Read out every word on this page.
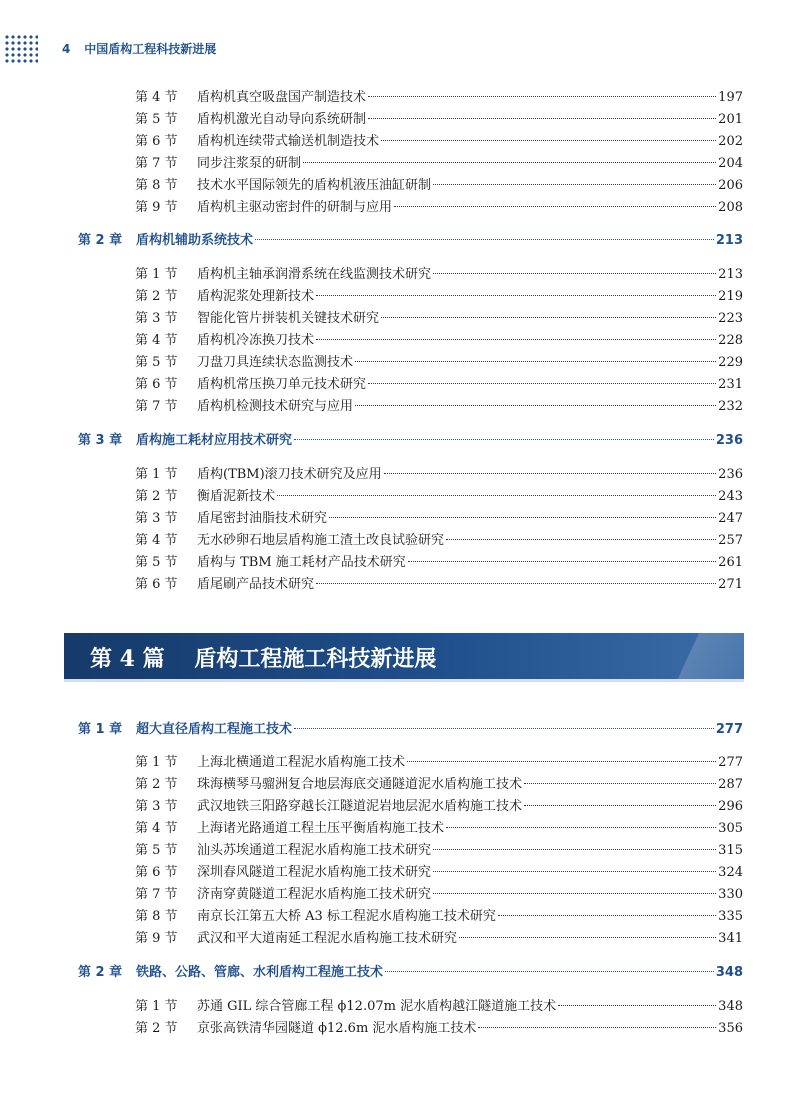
4 中国盾构工程科技新进展
第 4 节	盾构机真空吸盘国产制造技术	197
第 5 节	盾构机激光自动导向系统研制	201
第 6 节	盾构机连续带式输送机制造技术	202
第 7 节	同步注浆泵的研制	204
第 8 节	技术水平国际领先的盾构机液压油缸研制	206
第 9 节	盾构机主驱动密封件的研制与应用	208
第 2 章	盾构机辅助系统技术	213
第 1 节	盾构机主轴承润滑系统在线监测技术研究	213
第 2 节	盾构泥浆处理新技术	219
第 3 节	智能化管片拼装机关键技术研究	223
第 4 节	盾构机冷冻换刀技术	228
第 5 节	刀盘刀具连续状态监测技术	229
第 6 节	盾构机常压换刀单元技术研究	231
第 7 节	盾构机检测技术研究与应用	232
第 3 章	盾构施工耗材应用技术研究	236
第 1 节	盾构(TBM)滚刀技术研究及应用	236
第 2 节	衡盾泥新技术	243
第 3 节	盾尾密封油脂技术研究	247
第 4 节	无水砂卵石地层盾构施工渣土改良试验研究	257
第 5 节	盾构与 TBM 施工耗材产品技术研究	261
第 6 节	盾尾刷产品技术研究	271
第 4 篇 盾构工程施工科技新进展
第 1 章	超大直径盾构工程施工技术	277
第 1 节	上海北横通道工程泥水盾构施工技术	277
第 2 节	珠海横琴马骝洲复合地层海底交通隧道泥水盾构施工技术	287
第 3 节	武汉地铁三阳路穿越长江隧道泥岩地层泥水盾构施工技术	296
第 4 节	上海诸光路通道工程土压平衡盾构施工技术	305
第 5 节	汕头苏埃通道工程泥水盾构施工技术研究	315
第 6 节	深圳春风隧道工程泥水盾构施工技术研究	324
第 7 节	济南穿黄隧道工程泥水盾构施工技术研究	330
第 8 节	南京长江第五大桥 A3 标工程泥水盾构施工技术研究	335
第 9 节	武汉和平大道南延工程泥水盾构施工技术研究	341
第 2 章	铁路、公路、管廊、水利盾构工程施工技术	348
第 1 节	苏通 GIL 综合管廊工程 ϕ12.07m 泥水盾构越江隧道施工技术	348
第 2 节	京张高铁清华园隧道 ϕ12.6m 泥水盾构施工技术	356
